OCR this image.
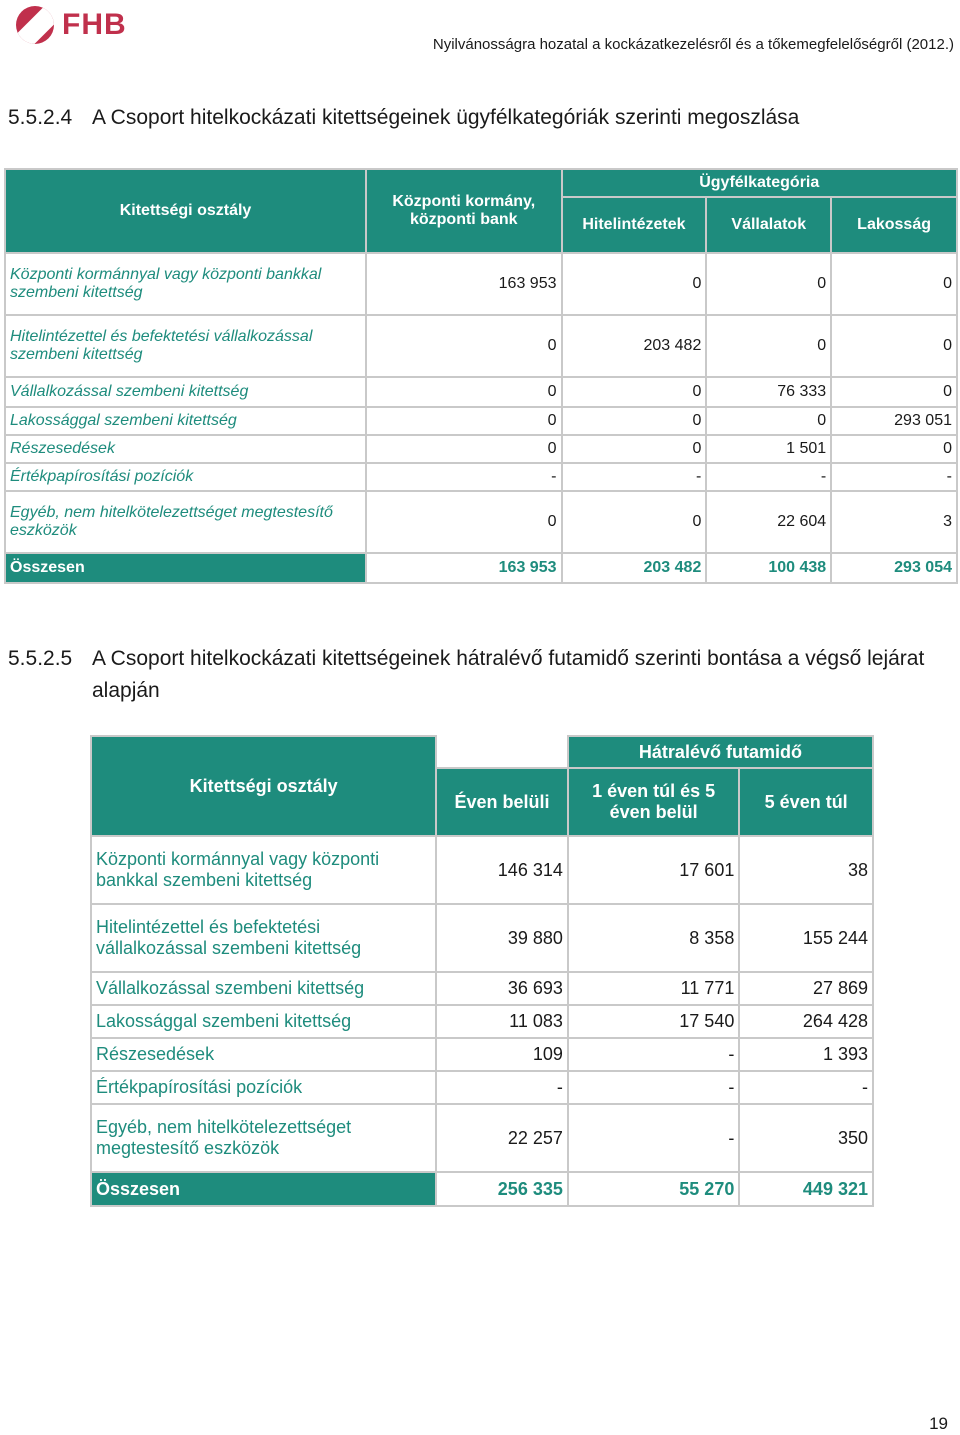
FHB
Nyilvánosságra hozatal a kockázatkezelésről és a tőkemegfelelőségről (2012.)
5.5.2.4 A Csoport hitelkockázati kitettségeinek ügyfélkategóriák szerinti megoszlása
Kitettségi osztály	Központi kormány, központi bank	Ügyfélkategória		
		Hitelintézetek	Vállalatok	Lakosság
Központi kormánnyal vagy központi bankkal szembeni kitettség	163 953	0	0	0
Hitelintézettel és befektetési vállalkozással szembeni kitettség	0	203 482	0	0
Vállalkozással szembeni kitettség	0	0	76 333	0
Lakossággal szembeni kitettség	0	0	0	293 051
Részesedések	0	0	1 501	0
Értékpapírosítási pozíciók	-	-	-	-
Egyéb, nem hitelkötelezettséget megtestesítő eszközök	0	0	22 604	3
Összesen	163 953	203 482	100 438	293 054
5.5.2.5 A Csoport hitelkockázati kitettségeinek hátralévő futamidő szerinti bontása a végső lejárat
alapján
Kitettségi osztály		Hátralévő futamidő	
	Éven belüli	1 éven túl és 5 éven belül	5 éven túl
Központi kormánnyal vagy központi bankkal szembeni kitettség	146 314	17 601	38
Hitelintézettel és befektetési vállalkozással szembeni kitettség	39 880	8 358	155 244
Vállalkozással szembeni kitettség	36 693	11 771	27 869
Lakossággal szembeni kitettség	11 083	17 540	264 428
Részesedések	109	-	1 393
Értékpapírosítási pozíciók	-	-	-
Egyéb, nem hitelkötelezettséget megtestesítő eszközök	22 257	-	350
Összesen	256 335	55 270	449 321
19
